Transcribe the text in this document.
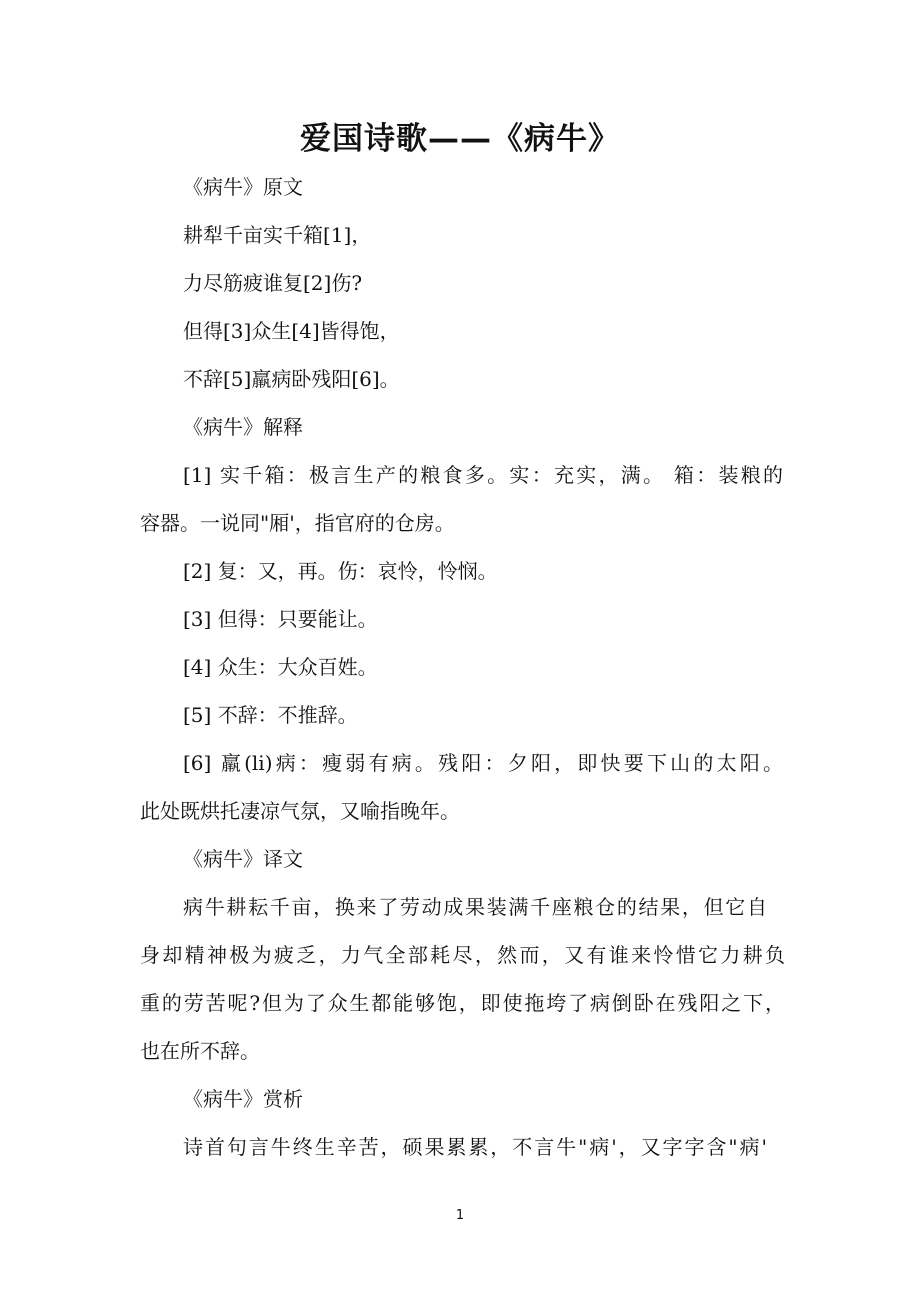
爱国诗歌——《病牛》
《病牛》原文
耕犁千亩实千箱[1]，
力尽筋疲谁复[2]伤?
但得[3]众生[4]皆得饱，
不辞[5]羸病卧残阳[6]。
《病牛》解释
[1] 实千箱：极言生产的粮食多。实：充实，满。 箱：装粮的
容器。一说同"厢'，指官府的仓房。
[2] 复：又，再。伤：哀怜，怜悯。
[3] 但得：只要能让。
[4] 众生：大众百姓。
[5] 不辞：不推辞。
[6] 羸(li)病：瘦弱有病。残阳：夕阳，即快要下山的太阳。
此处既烘托凄凉气氛，又喻指晚年。
《病牛》译文
病牛耕耘千亩，换来了劳动成果装满千座粮仓的结果，但它自
身却精神极为疲乏，力气全部耗尽，然而，又有谁来怜惜它力耕负
重的劳苦呢?但为了众生都能够饱，即使拖垮了病倒卧在残阳之下，
也在所不辞。
《病牛》赏析
诗首句言牛终生辛苦，硕果累累，不言牛"病'，又字字含"病'
1
